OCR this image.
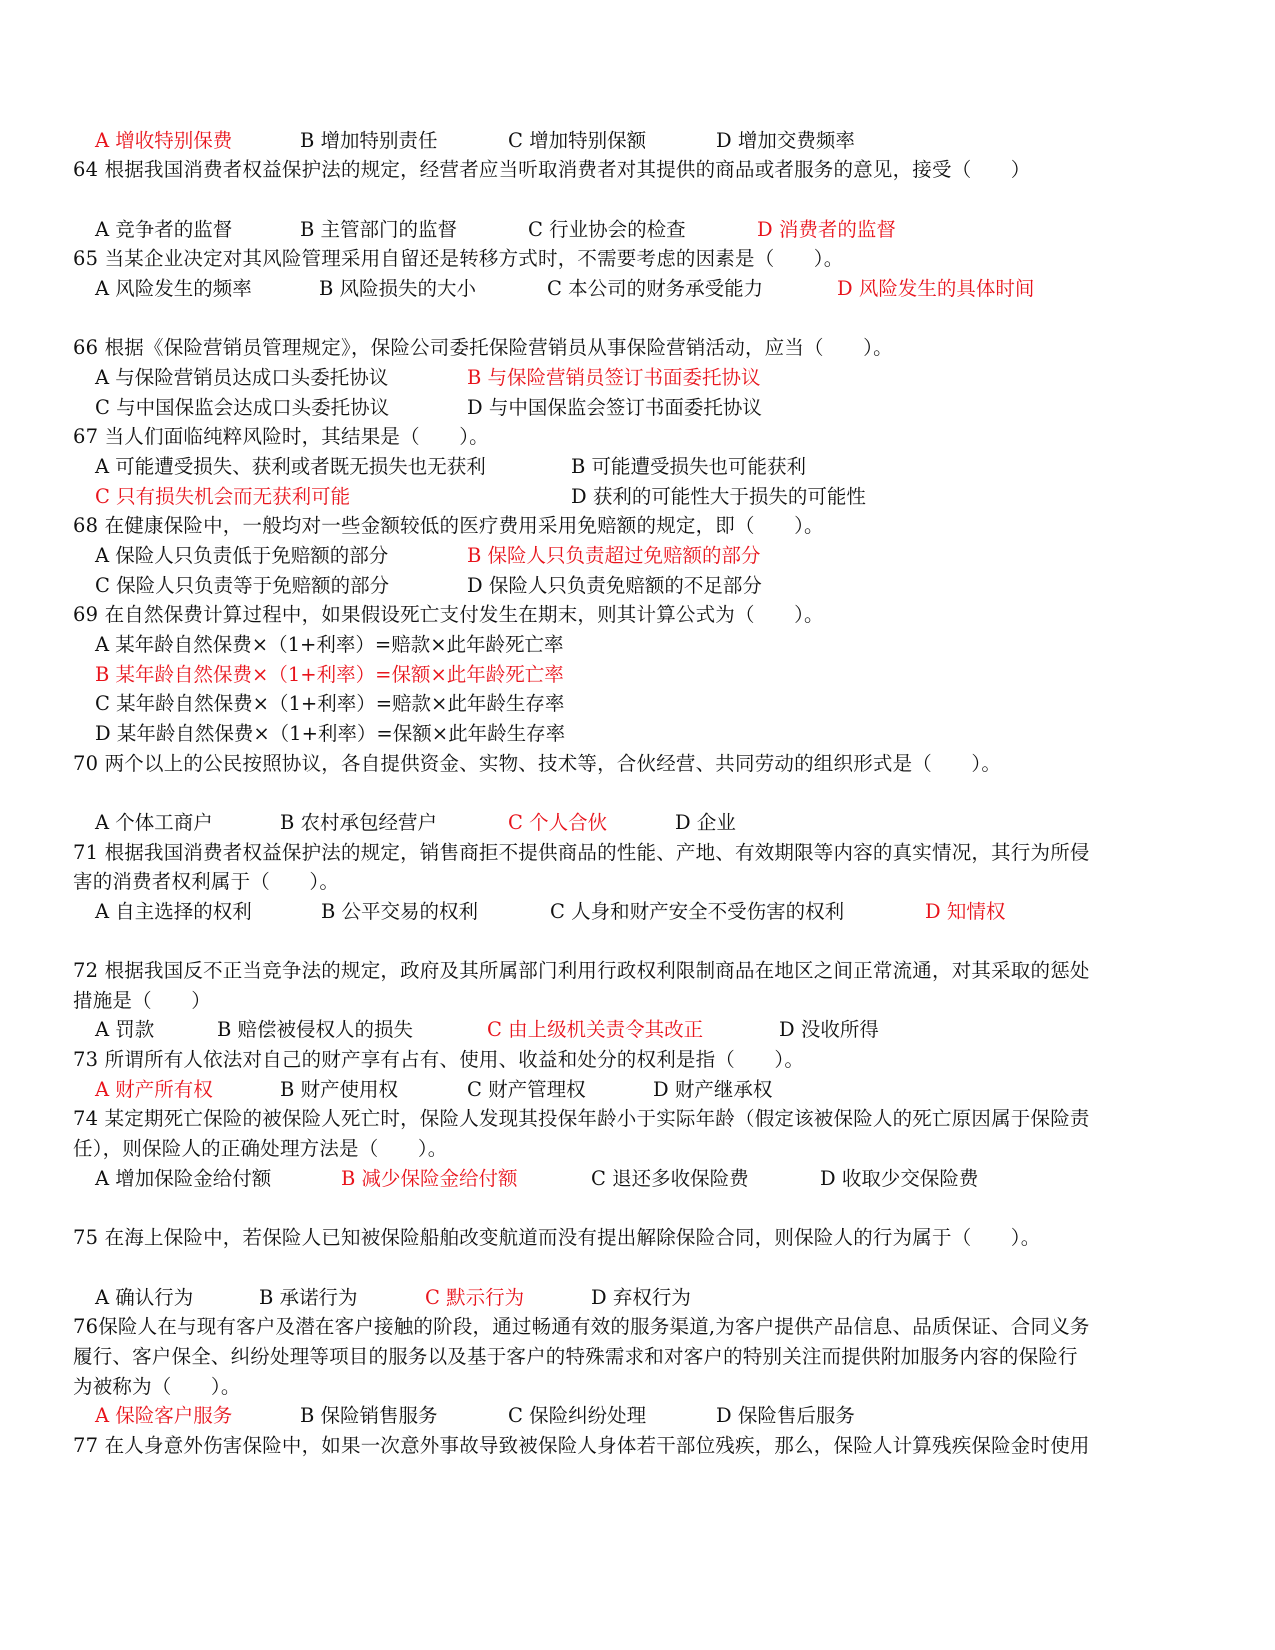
A 增收特别保费	B 增加特别责任	C 增加特别保额	D 增加交费频率
64 根据我国消费者权益保护法的规定，经营者应当听取消费者对其提供的商品或者服务的意见，接受（　　）
A 竞争者的监督	B 主管部门的监督	C 行业协会的检查	D 消费者的监督
65 当某企业决定对其风险管理采用自留还是转移方式时，不需要考虑的因素是（　　）。
A 风险发生的频率	B 风险损失的大小	C 本公司的财务承受能力	D 风险发生的具体时间
66 根据《保险营销员管理规定》，保险公司委托保险营销员从事保险营销活动，应当（　　）。
A 与保险营销员达成口头委托协议	B 与保险营销员签订书面委托协议
C 与中国保监会达成口头委托协议	D 与中国保监会签订书面委托协议
67 当人们面临纯粹风险时，其结果是（　　）。
A 可能遭受损失、获利或者既无损失也无获利	B 可能遭受损失也可能获利
C 只有损失机会而无获利可能	D 获利的可能性大于损失的可能性
68 在健康保险中，一般均对一些金额较低的医疗费用采用免赔额的规定，即（　　）。
A 保险人只负责低于免赔额的部分	B 保险人只负责超过免赔额的部分
C 保险人只负责等于免赔额的部分	D 保险人只负责免赔额的不足部分
69 在自然保费计算过程中，如果假设死亡支付发生在期末，则其计算公式为（　　）。
A 某年龄自然保费×（1+利率）=赔款×此年龄死亡率
B 某年龄自然保费×（1+利率）=保额×此年龄死亡率
C 某年龄自然保费×（1+利率）=赔款×此年龄生存率
D 某年龄自然保费×（1+利率）=保额×此年龄生存率
70 两个以上的公民按照协议，各自提供资金、实物、技术等，合伙经营、共同劳动的组织形式是（　　）。
A 个体工商户	B 农村承包经营户	C 个人合伙	D 企业
71 根据我国消费者权益保护法的规定，销售商拒不提供商品的性能、产地、有效期限等内容的真实情况，其行为所侵
害的消费者权利属于（　　）。
A 自主选择的权利	B 公平交易的权利	C 人身和财产安全不受伤害的权利	D 知情权
72 根据我国反不正当竞争法的规定，政府及其所属部门利用行政权利限制商品在地区之间正常流通，对其采取的惩处
措施是（　　）
A 罚款	B 赔偿被侵权人的损失	C 由上级机关责令其改正	D 没收所得
73 所谓所有人依法对自己的财产享有占有、使用、收益和处分的权利是指（　　）。
A 财产所有权	B 财产使用权	C 财产管理权	D 财产继承权
74 某定期死亡保险的被保险人死亡时，保险人发现其投保年龄小于实际年龄（假定该被保险人的死亡原因属于保险责
任），则保险人的正确处理方法是（　　）。
A 增加保险金给付额	B 减少保险金给付额	C 退还多收保险费	D 收取少交保险费
75 在海上保险中，若保险人已知被保险船舶改变航道而没有提出解除保险合同，则保险人的行为属于（　　）。
A 确认行为	B 承诺行为	C 默示行为	D 弃权行为
76保险人在与现有客户及潜在客户接触的阶段，通过畅通有效的服务渠道,为客户提供产品信息、品质保证、合同义务
履行、客户保全、纠纷处理等项目的服务以及基于客户的特殊需求和对客户的特别关注而提供附加服务内容的保险行
为被称为（　　）。
A 保险客户服务	B 保险销售服务	C 保险纠纷处理	D 保险售后服务
77 在人身意外伤害保险中，如果一次意外事故导致被保险人身体若干部位残疾，那么，保险人计算残疾保险金时使用
